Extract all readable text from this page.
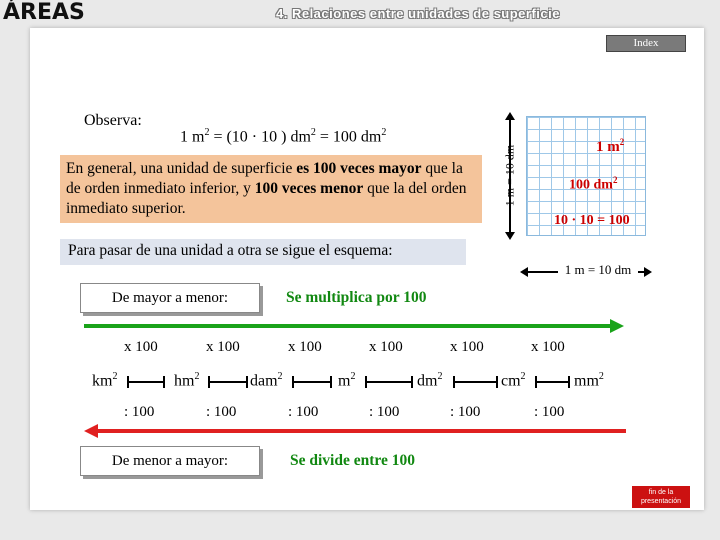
ÁREAS	4. Relaciones entre unidades de superficie
Index
Observa:
1 $m^2 = (10 \cdot 10$ ) $dm^2 = 100$ $dm^2$
En general, una unidad de superficie es 100 veces mayor que la de orden inmediato inferior, y 100 veces menor que la del orden inmediato superior.
Para pasar de una unidad a otra se sigue el esquema:
1 m = 10 dm	1 $m^2$
100 $dm^2$
10 · 10 = 100
1 m = 10 dm
De mayor a menor:	Se multiplica por 100
x 100	x 100	x 100	x 100	x 100	x 100
$km^2$	$hm^2$	dam$^2$	$m^2$	$dm^2$	$cm^2$	$mm^2$
: 100	: 100	: 100	: 100	: 100	: 100
De menor a mayor:	Se divide entre 100
fin de la
presentación
